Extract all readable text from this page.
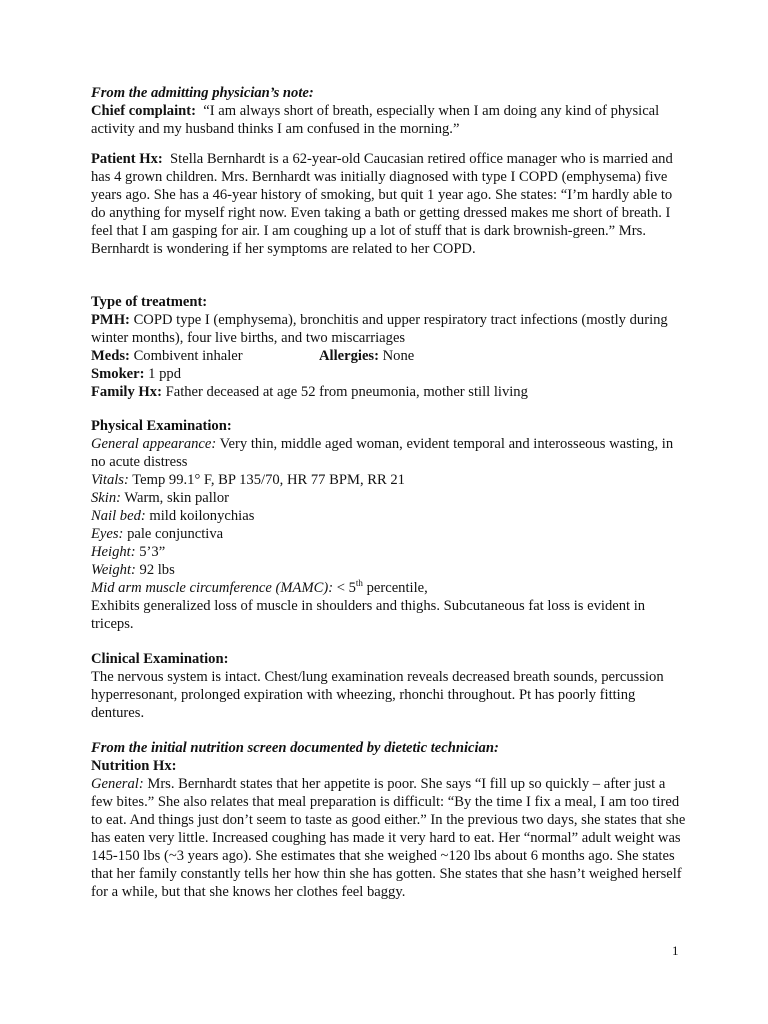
From the admitting physician’s note:
Chief complaint: “I am always short of breath, especially when I am doing any kind of physical activity and my husband thinks I am confused in the morning.”

Patient Hx: Stella Bernhardt is a 62-year-old Caucasian retired office manager who is married and has 4 grown children. Mrs. Bernhardt was initially diagnosed with type I COPD (emphysema) five years ago. She has a 46-year history of smoking, but quit 1 year ago. She states: “I’m hardly able to do anything for myself right now. Even taking a bath or getting dressed makes me short of breath. I feel that I am gasping for air. I am coughing up a lot of stuff that is dark brownish-green.” Mrs. Bernhardt is wondering if her symptoms are related to her COPD.

Type of treatment:
PMH: COPD type I (emphysema), bronchitis and upper respiratory tract infections (mostly during winter months), four live births, and two miscarriages
Meds: Combivent inhaler	Allergies: None
Smoker: 1 ppd
Family Hx: Father deceased at age 52 from pneumonia, mother still living
Physical Examination:
General appearance: Very thin, middle aged woman, evident temporal and interosseous wasting, in no acute distress
Vitals: Temp 99.1° F, BP 135/70, HR 77 BPM, RR 21
Skin: Warm, skin pallor
Nail bed: mild koilonychias
Eyes: pale conjunctiva
Height: 5’3”
Weight: 92 lbs
Mid arm muscle circumference (MAMC): < 5th percentile,
Exhibits generalized loss of muscle in shoulders and thighs. Subcutaneous fat loss is evident in triceps.
Clinical Examination:
The nervous system is intact. Chest/lung examination reveals decreased breath sounds, percussion hyperresonant, prolonged expiration with wheezing, rhonchi throughout. Pt has poorly fitting dentures.
From the initial nutrition screen documented by dietetic technician:
Nutrition Hx:
General: Mrs. Bernhardt states that her appetite is poor. She says “I fill up so quickly – after just a few bites.” She also relates that meal preparation is difficult: “By the time I fix a meal, I am too tired to eat. And things just don’t seem to taste as good either.” In the previous two days, she states that she has eaten very little. Increased coughing has made it very hard to eat. Her “normal” adult weight was 145-150 lbs (~3 years ago). She estimates that she weighed ~120 lbs about 6 months ago. She states that her family constantly tells her how thin she has gotten. She states that she hasn’t weighed herself for a while, but that she knows her clothes feel baggy.
1
